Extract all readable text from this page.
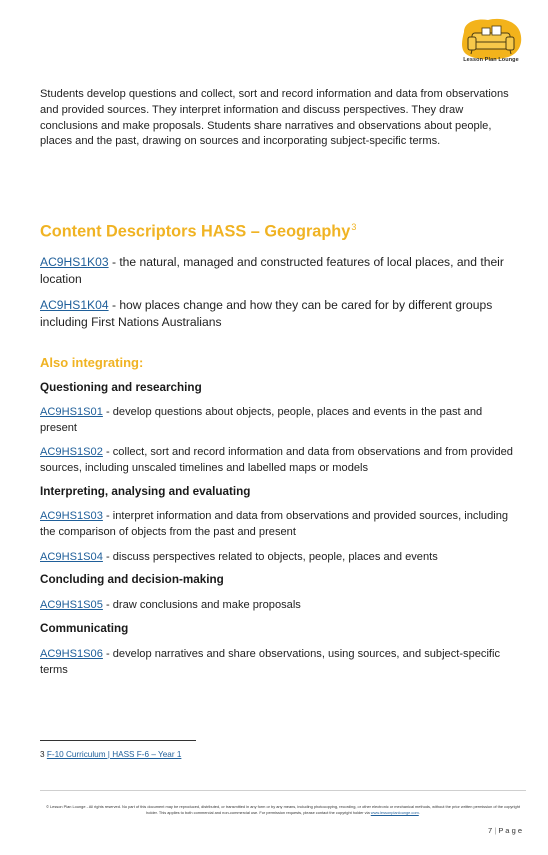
Lesson Plan Lounge
Students develop questions and collect, sort and record information and data from observations and provided sources. They interpret information and discuss perspectives. They draw conclusions and make proposals. Students share narratives and observations about people, places and the past, drawing on sources and incorporating subject-specific terms.
Content Descriptors HASS – Geography$^3$
AC9HS1K03 - the natural, managed and constructed features of local places, and their location
AC9HS1K04 - how places change and how they can be cared for by different groups including First Nations Australians
Also integrating:
Questioning and researching
AC9HS1S01 - develop questions about objects, people, places and events in the past and present
AC9HS1S02 - collect, sort and record information and data from observations and from provided sources, including unscaled timelines and labelled maps or models
Interpreting, analysing and evaluating
AC9HS1S03 - interpret information and data from observations and provided sources, including the comparison of objects from the past and present
AC9HS1S04 - discuss perspectives related to objects, people, places and events
Concluding and decision-making
AC9HS1S05 - draw conclusions and make proposals
Communicating
AC9HS1S06 - develop narratives and share observations, using sources, and subject-specific terms
3 F-10 Curriculum | HASS F-6 – Year 1
© Lesson Plan Lounge - All rights reserved. No part of this document may be reproduced, distributed, or transmitted in any form or by any means, including photocopying, recording, or other electronic or mechanical methods, without the prior written permission of the copyright holder. This applies to both commercial and non-commercial use. For permission requests, please contact the copyright holder via www.lessonplanlounge.com.
7 | P a g e
